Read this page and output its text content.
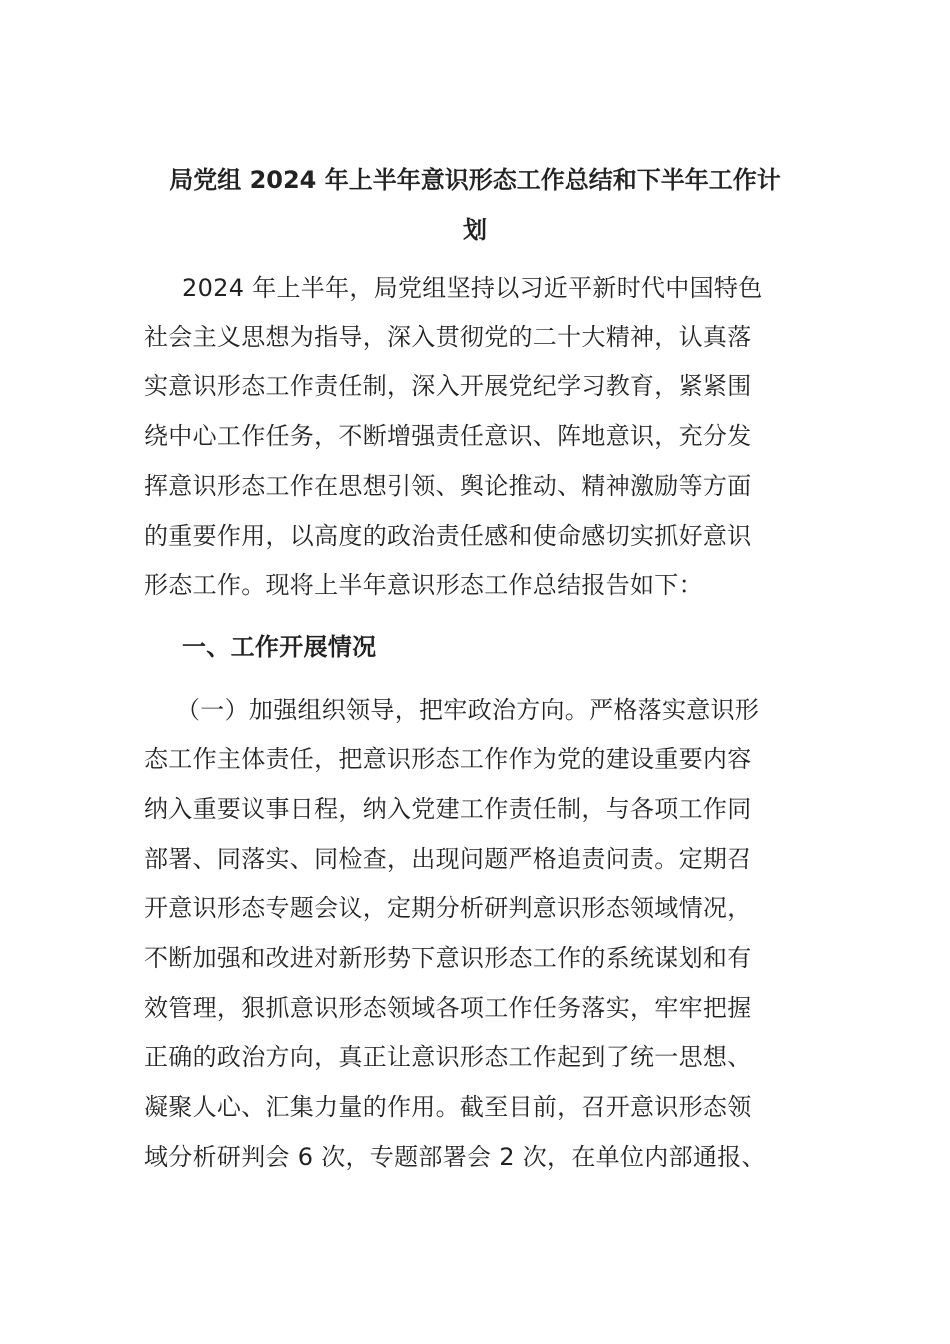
局党组 2024 年上半年意识形态工作总结和下半年工作计
划
2024 年上半年，局党组坚持以习近平新时代中国特色
社会主义思想为指导，深入贯彻党的二十大精神，认真落
实意识形态工作责任制，深入开展党纪学习教育，紧紧围
绕中心工作任务，不断增强责任意识、阵地意识，充分发
挥意识形态工作在思想引领、舆论推动、精神激励等方面
的重要作用，以高度的政治责任感和使命感切实抓好意识
形态工作。现将上半年意识形态工作总结报告如下：
一、工作开展情况
（一）加强组织领导，把牢政治方向。严格落实意识形
态工作主体责任，把意识形态工作作为党的建设重要内容
纳入重要议事日程，纳入党建工作责任制，与各项工作同
部署、同落实、同检查，出现问题严格追责问责。定期召
开意识形态专题会议，定期分析研判意识形态领域情况，
不断加强和改进对新形势下意识形态工作的系统谋划和有
效管理，狠抓意识形态领域各项工作任务落实，牢牢把握
正确的政治方向，真正让意识形态工作起到了统一思想、
凝聚人心、汇集力量的作用。截至目前，召开意识形态领
域分析研判会 6 次，专题部署会 2 次，在单位内部通报、
